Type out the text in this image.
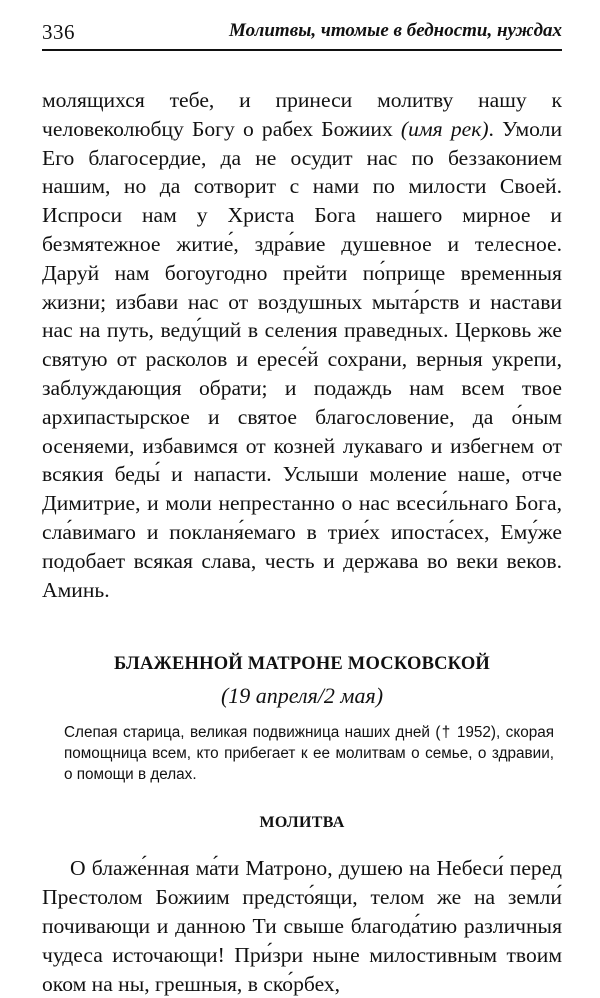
336	Молитвы, чтомые в бедности, нуждах

молящихся тебе, и принеси молитву нашу к человеколюбцу Богу о рабех Божиих (имя рек). Умоли Его благосердие, да не осудит нас по беззаконием нашим, но да сотворит с нами по милости Своей. Испроси нам у Христа Бога нашего мирное и безмятежное житие́, здра́вие душевное и телесное. Даруй нам богоугодно прейти по́прище временныя жизни; избави нас от воздушных мыта́рств и настави нас на путь, веду́щий в селения праведных. Церковь же святую от расколов и ересе́й сохрани, верныя укрепи, заблуждающия обрати; и подаждь нам всем твое архипастырское и святое благословение, да о́ным осеняеми, избавимся от козней лукаваго и избегнем от всякия беды́ и напасти. Услыши моление наше, отче Димитрие, и моли непрестанно о нас всеси́льнаго Бога, сла́вимаго и покланя́емаго в трие́х ипоста́сех, Ему́же подобает всякая слава, честь и держава во веки веков. Аминь.

БЛАЖЕННОЙ МАТРОНЕ МОСКОВСКОЙ
(19 апреля/2 мая)
Слепая старица, великая подвижница наших дней († 1952), скорая помощница всем, кто прибегает к ее молитвам о семье, о здравии, о помощи в делах.
МОЛИТВА

О блаже́нная ма́ти Матроно, душею на Небеси́ перед Престолом Божиим предсто́ящи, телом же на земли́ почивающи и данною Ти свыше благода́тию различныя чудеса источающи! При́зри ныне милостивным твоим оком на ны, грешныя, в ско́рбех,
